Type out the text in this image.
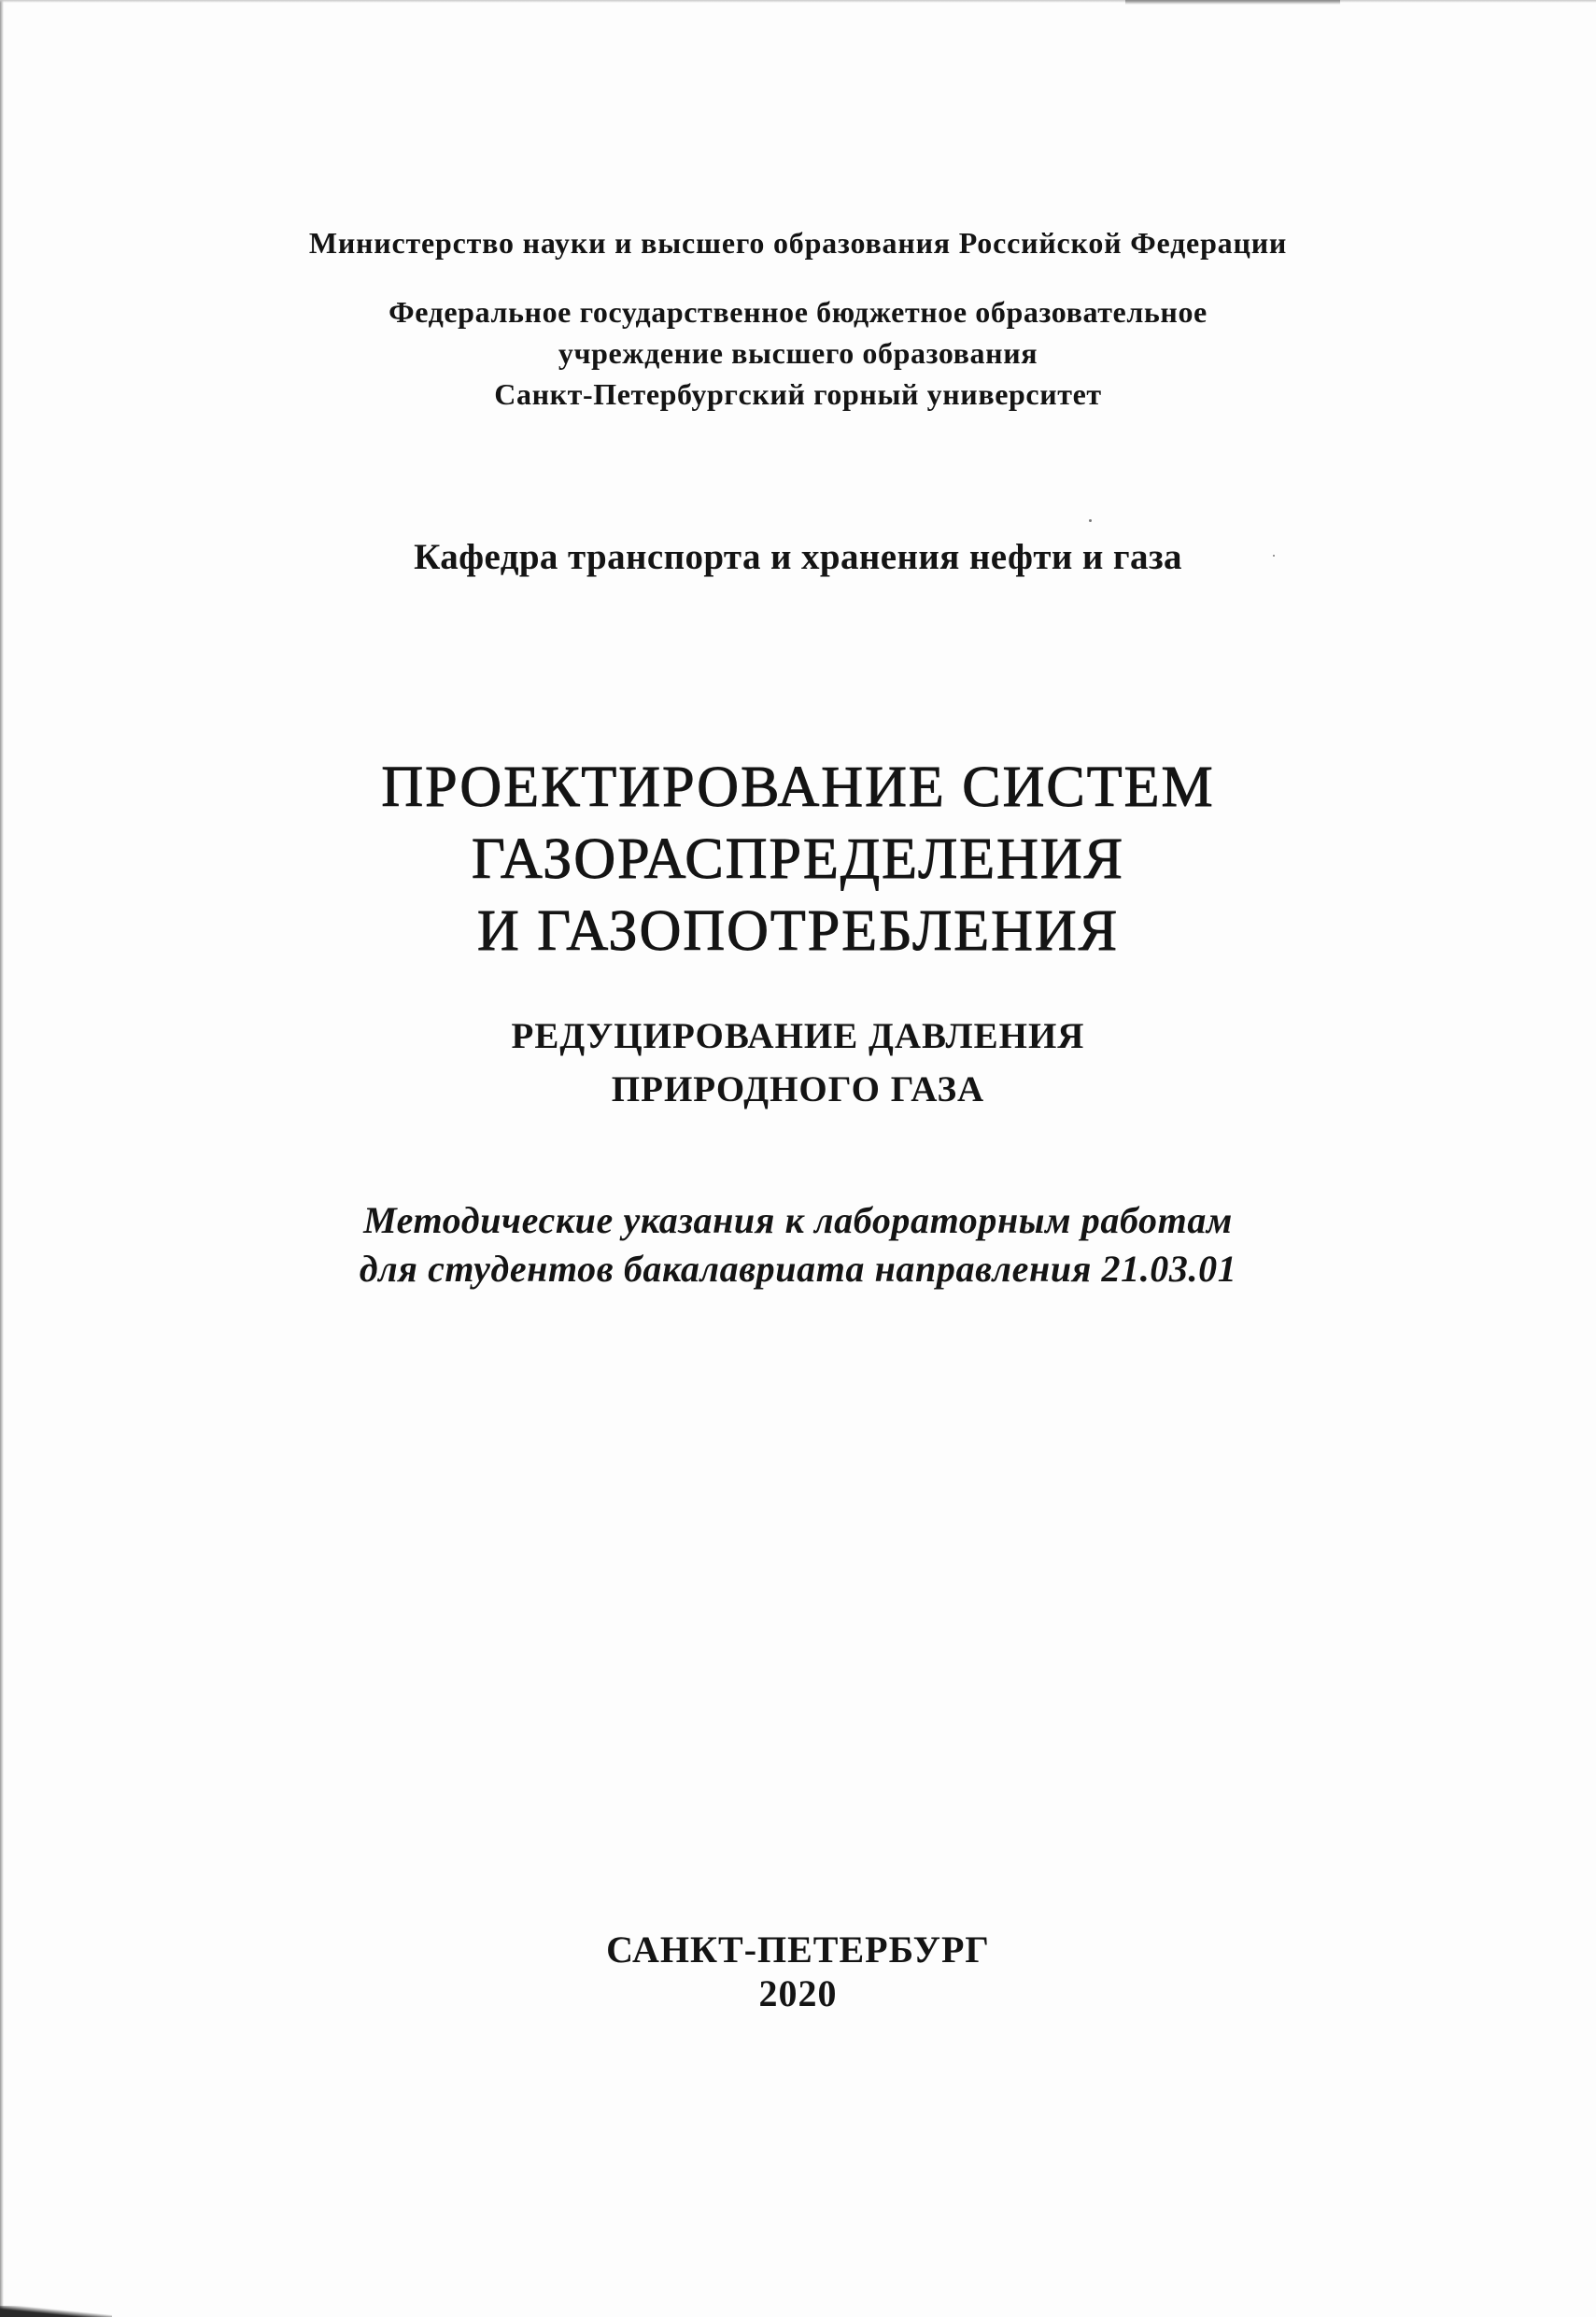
Министерство науки и высшего образования Российской Федерации
Федеральное государственное бюджетное образовательное
учреждение высшего образования
Санкт-Петербургский горный университет
Кафедра транспорта и хранения нефти и газа
ПРОЕКТИРОВАНИЕ СИСТЕМ
ГАЗОРАСПРЕДЕЛЕНИЯ
И ГАЗОПОТРЕБЛЕНИЯ
РЕДУЦИРОВАНИЕ ДАВЛЕНИЯ
ПРИРОДНОГО ГАЗА
Методические указания к лабораторным работам
для студентов бакалавриата направления 21.03.01
САНКТ-ПЕТЕРБУРГ
2020
